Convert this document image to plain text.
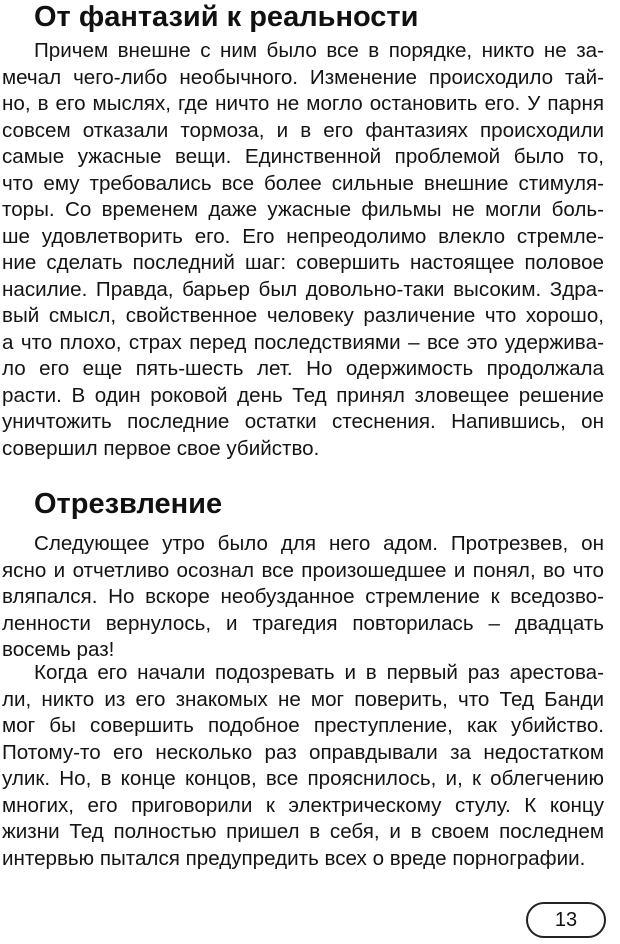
От фантазий к реальности
Причем внешне с ним было все в порядке, никто не за-
мечал чего-либо необычного. Изменение происходило тай-
но, в его мыслях, где ничто не могло остановить его. У парня
совсем отказали тормоза, и в его фантазиях происходили
самые ужасные вещи. Единственной проблемой было то,
что ему требовались все более сильные внешние стимуля-
торы. Со временем даже ужасные фильмы не могли боль-
ше удовлетворить его. Его непреодолимо влекло стремле-
ние сделать последний шаг: совершить настоящее половое
насилие. Правда, барьер был довольно-таки высоким. Здра-
вый смысл, свойственное человеку различение что хорошо,
а что плохо, страх перед последствиями – все это удерживa-
ло его еще пять-шесть лет. Но одержимость продолжала
расти. В один роковой день Тед принял зловещее решение
уничтожить последние остатки стеснения. Напившись, он
совершил первое свое убийство.
Отрезвление
Следующее утро было для него адом. Протрезвев, он
ясно и отчетливо осознал все произошедшее и понял, во что
вляпался. Но вскоре необузданное стремление к вседозво-
ленности вернулось, и трагедия повторилась – двадцать
восемь раз!
Когда его начали подозревать и в первый раз арестова-
ли, никто из его знакомых не мог поверить, что Тед Банди
мог бы совершить подобное преступление, как убийство.
Потому-то его несколько раз оправдывали за недостатком
улик. Но, в конце концов, все прояснилось, и, к облегчению
многих, его приговорили к электрическому стулу. К концу
жизни Тед полностью пришел в себя, и в своем последнем
интервью пытался предупредить всех о вреде порнографии.
13
